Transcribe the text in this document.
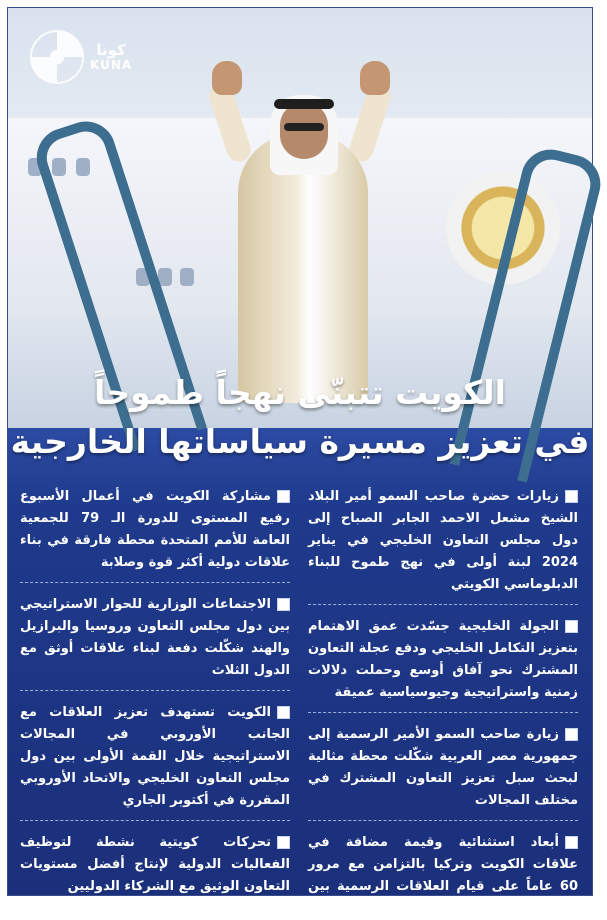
كونا
KUNA
الكويت تتبنّى نهجاً طموحاً
في تعزيز مسيرة سياساتها الخارجية
زيارات حضرة صاحب السمو أمير البلاد الشيخ مشعل الاحمد الجابر الصباح إلى دول مجلس التعاون الخليجي في يناير 2024 لبنة أولى في نهج طموح للبناء الدبلوماسي الكويتي
الجولة الخليجية جسّدت عمق الاهتمام بتعزيز التكامل الخليجي ودفع عجلة التعاون المشترك نحو آفاق أوسع وحملت دلالات زمنية واستراتيجية وجيوسياسية عميقة
زيارة صاحب السمو الأمير الرسمية إلى جمهورية مصر العربية شكّلت محطة مثالية لبحث سبل تعزيز التعاون المشترك في مختلف المجالات
أبعاد استثنائية وقيمة مضافة في علاقات الكويت وتركيا بالتزامن مع مرور 60 عاماً على قيام العلاقات الرسمية بين البلدين
مشاركة الكويت في أعمال الأسبوع رفيع المستوى للدورة الـ 79 للجمعية العامة للأمم المتحدة محطة فارقة في بناء علاقات دولية أكثر قوة وصلابة
الاجتماعات الوزارية للحوار الاستراتيجي بين دول مجلس التعاون وروسيا والبرازيل والهند شكّلت دفعة لبناء علاقات أوثق مع الدول الثلاث
الكويت تستهدف تعزيز العلاقات مع الجانب الأوروبي في المجالات الاستراتيجية خلال القمة الأولى بين دول مجلس التعاون الخليجي والاتحاد الأوروبي المقررة في أكتوبر الجاري
تحركات كويتية نشطة لتوظيف الفعاليات الدولية لإنتاج أفضل مستويات التعاون الوثيق مع الشركاء الدوليين
